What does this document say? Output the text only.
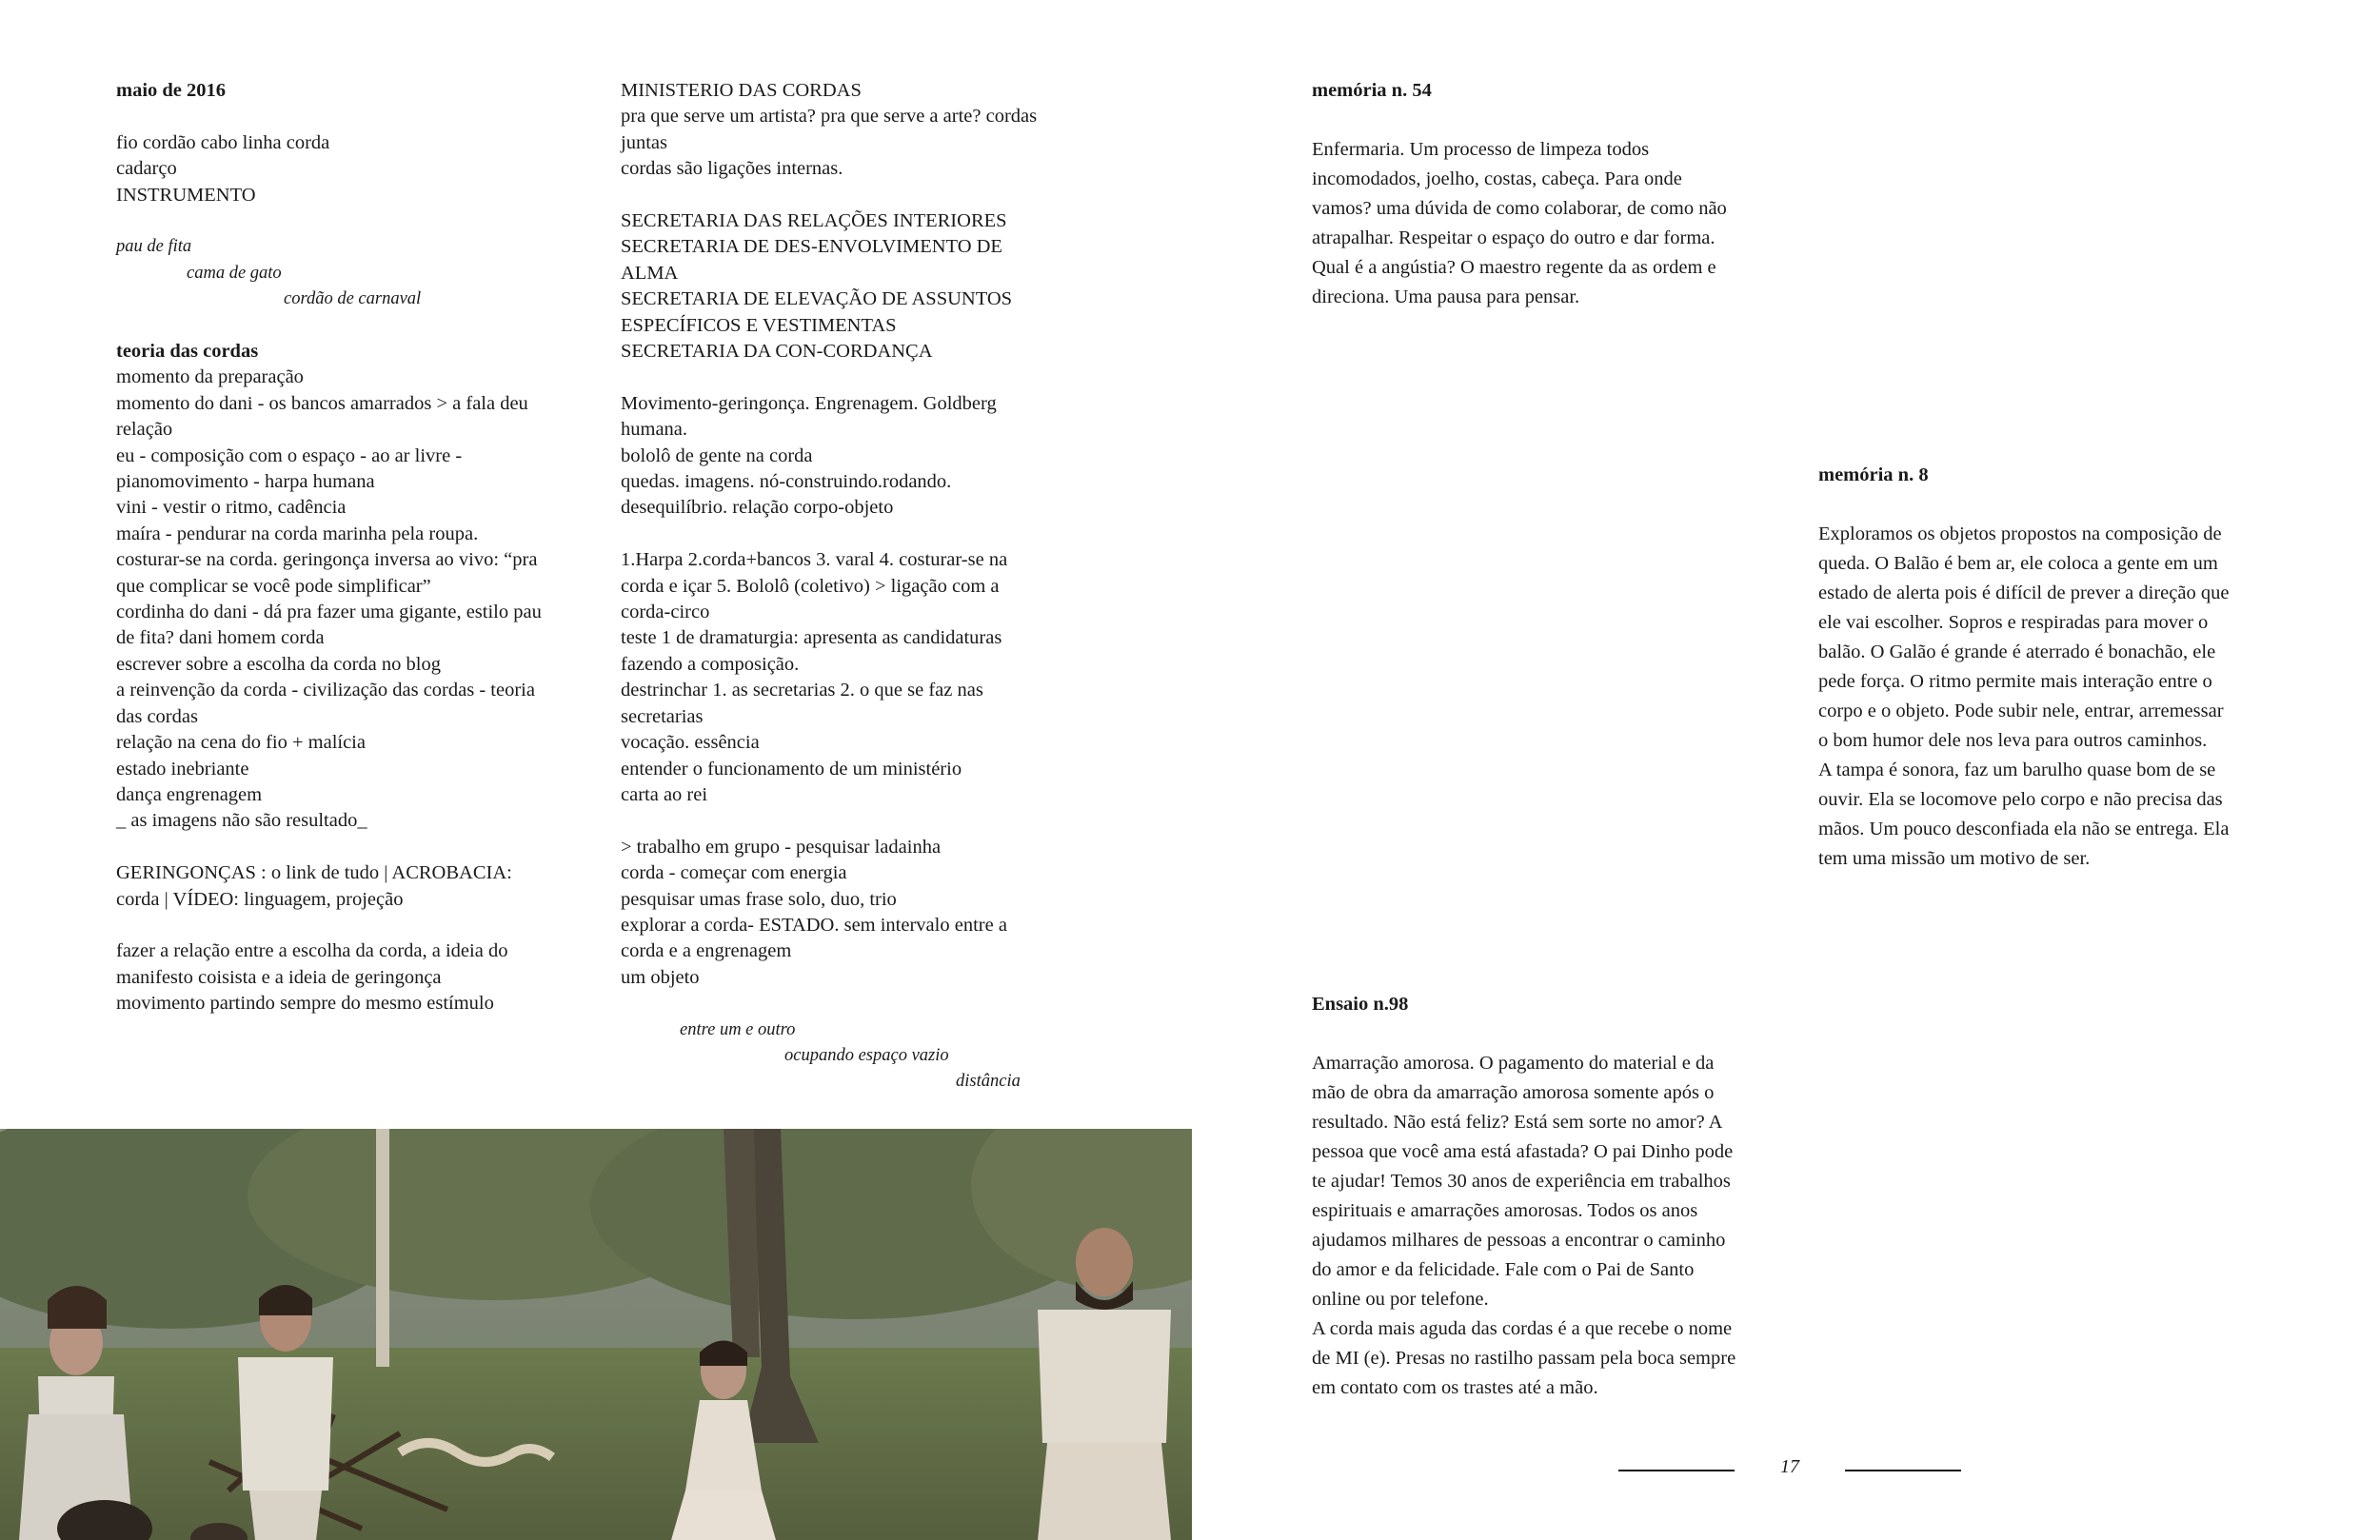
maio de 2016

fio cordão cabo linha corda

cadarço

INSTRUMENTO

pau de fita

cama de gato

cordão de carnaval

teoria das cordas

momento da preparação

momento do dani - os bancos amarrados > a fala deu

relação

eu - composição com o espaço - ao ar livre -

pianomovimento - harpa humana

vini - vestir o ritmo, cadência

maíra - pendurar na corda marinha pela roupa.

costurar-se na corda. geringonça inversa ao vivo: “pra

que complicar se você pode simplificar”

cordinha do dani - dá pra fazer uma gigante, estilo pau

de fita? dani homem corda

escrever sobre a escolha da corda no blog

a reinvenção da corda - civilização das cordas - teoria

das cordas

relação na cena do fio + malícia

estado inebriante

dança engrenagem

_ as imagens não são resultado_

GERINGONÇAS : o link de tudo | ACROBACIA:

corda | VÍDEO: linguagem, projeção

fazer a relação entre a escolha da corda, a ideia do

manifesto coisista e a ideia de geringonça

movimento partindo sempre do mesmo estímulo

MINISTERIO DAS CORDAS

pra que serve um artista? pra que serve a arte? cordas

juntas

cordas são ligações internas.

SECRETARIA DAS RELAÇÕES INTERIORES

SECRETARIA DE DES-ENVOLVIMENTO DE

ALMA

SECRETARIA DE ELEVAÇÃO DE ASSUNTOS

ESPECÍFICOS E VESTIMENTAS

SECRETARIA DA CON-CORDANÇA

Movimento-geringonça. Engrenagem. Goldberg

humana.

bololô de gente na corda

quedas. imagens. nó-construindo.rodando.

desequilíbrio. relação corpo-objeto

1.Harpa 2.corda+bancos 3. varal 4. costurar-se na

corda e içar 5. Bololô (coletivo) > ligação com a

corda-circo

teste 1 de dramaturgia: apresenta as candidaturas

fazendo a composição.

destrinchar 1. as secretarias 2. o que se faz nas

secretarias

vocação. essência

entender o funcionamento de um ministério

carta ao rei

> trabalho em grupo - pesquisar ladainha

corda - começar com energia

pesquisar umas frase solo, duo, trio

explorar a corda- ESTADO. sem intervalo entre a

corda e a engrenagem

um objeto

entre um e outro

ocupando espaço vazio

distância

memória n. 54

Enfermaria. Um processo de limpeza todos

incomodados, joelho, costas, cabeça. Para onde

vamos? uma dúvida de como colaborar, de como não

atrapalhar. Respeitar o espaço do outro e dar forma.

Qual é a angústia? O maestro regente da as ordem e

direciona. Uma pausa para pensar.

memória n. 8

Exploramos os objetos propostos na composição de

queda. O Balão é bem ar, ele coloca a gente em um

estado de alerta pois é difícil de prever a direção que

ele vai escolher. Sopros e respiradas para mover o

balão. O Galão é grande é aterrado é bonachão, ele

pede força. O ritmo permite mais interação entre o

corpo e o objeto. Pode subir nele, entrar, arremessar

o bom humor dele nos leva para outros caminhos.

A tampa é sonora, faz um barulho quase bom de se

ouvir. Ela se locomove pelo corpo e não precisa das

mãos. Um pouco desconfiada ela não se entrega. Ela

tem uma missão um motivo de ser.

Ensaio n.98

Amarração amorosa. O pagamento do material e da

mão de obra da amarração amorosa somente após o

resultado. Não está feliz? Está sem sorte no amor? A

pessoa que você ama está afastada? O pai Dinho pode

te ajudar! Temos 30 anos de experiência em trabalhos

espirituais e amarrações amorosas. Todos os anos

ajudamos milhares de pessoas a encontrar o caminho

do amor e da felicidade. Fale com o Pai de Santo

online ou por telefone.

A corda mais aguda das cordas é a que recebe o nome

de MI (e). Presas no rastilho passam pela boca sempre

em contato com os trastes até a mão.

17
